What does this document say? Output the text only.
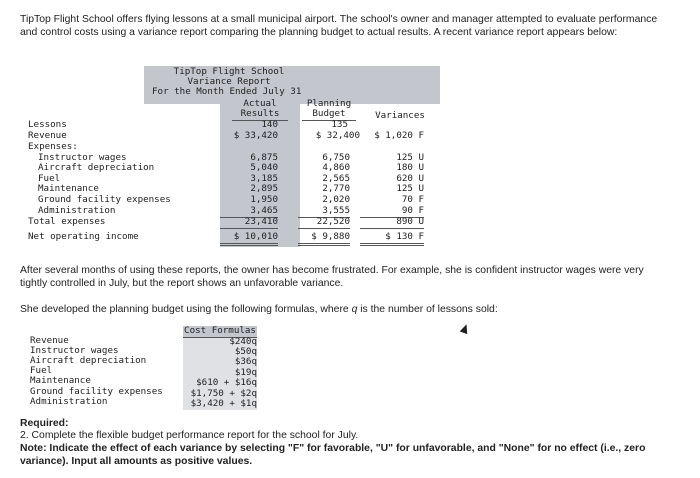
TipTop Flight School offers flying lessons at a small municipal airport. The school's owner and manager attempted to evaluate performance and control costs using a variance report comparing the planning budget to actual results. A recent variance report appears below:
TipTop Flight School
Variance Report
For the Month Ended July 31
Actual
Results
Planning
Budget	Variances
Lessons	140	135
Revenue	$ 33,420	$ 32,400	$ 1,020 F
Expenses:
Instructor wages	6,875	6,750	125 U
Aircraft depreciation	5,040	4,860	180 U
Fuel	3,185	2,565	620 U
Maintenance	2,895	2,770	125 U
Ground facility expenses	1,950	2,020	70 F
Administration	3,465	3,555	90 F
Total expenses	23,410	22,520	890 U
Net operating income	$ 10,010	$ 9,880	$ 130 F
After several months of using these reports, the owner has become frustrated. For example, she is confident instructor wages were very tightly controlled in July, but the report shows an unfavorable variance.
She developed the planning budget using the following formulas, where q is the number of lessons sold:
Cost Formulas
Revenue	$240q
Instructor wages	$50q
Aircraft depreciation	$36q
Fuel	$19q
Maintenance	$610 + $16q
Ground facility expenses	$1,750 + $2q
Administration	$3,420 + $1q
Required:
2. Complete the flexible budget performance report for the school for July.
Note: Indicate the effect of each variance by selecting "F" for favorable, "U" for unfavorable, and "None" for no effect (i.e., zero variance). Input all amounts as positive values.
